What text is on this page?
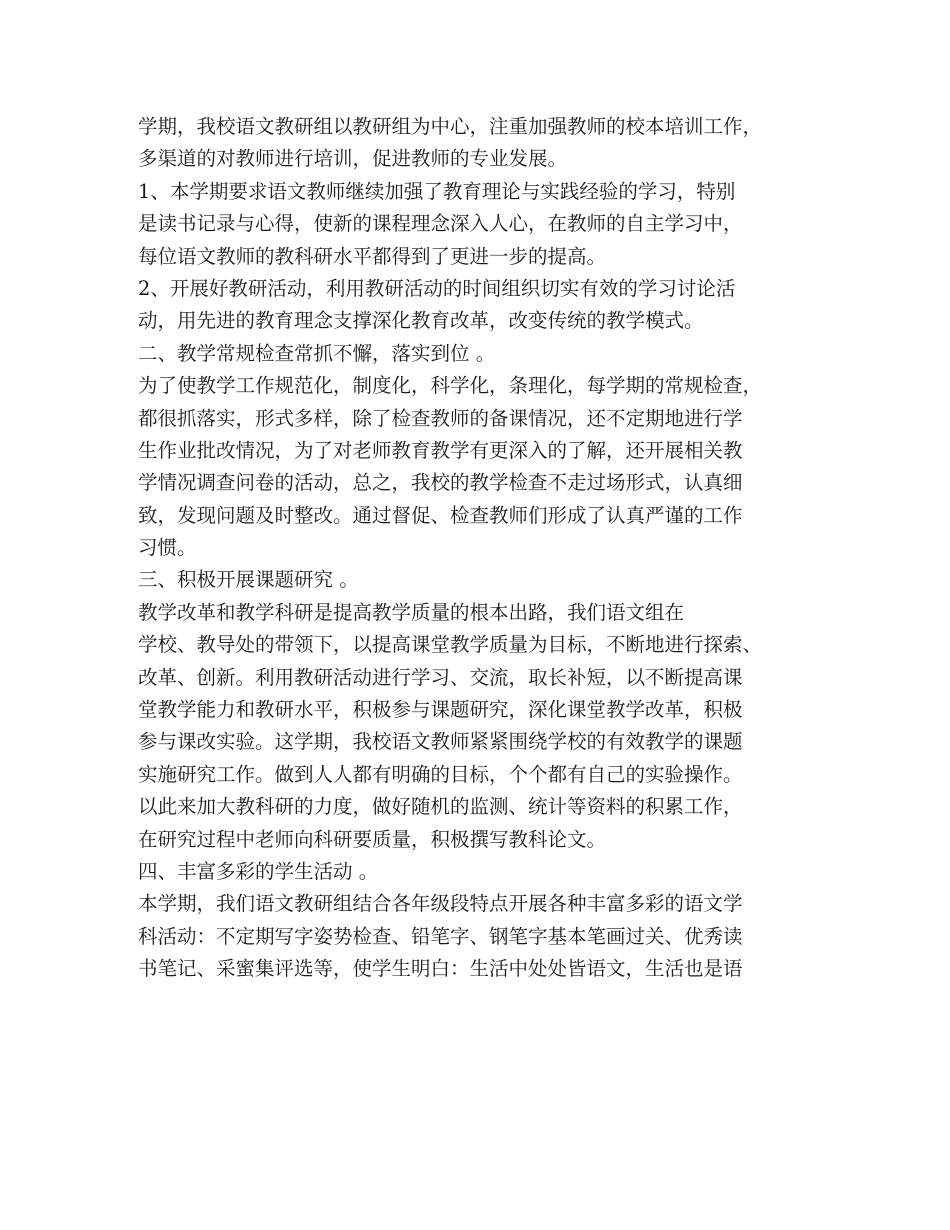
学期，我校语文教研组以教研组为中心，注重加强教师的校本培训工作，

多渠道的对教师进行培训，促进教师的专业发展。

1、本学期要求语文教师继续加强了教育理论与实践经验的学习，特别

是读书记录与心得，使新的课程理念深入人心，在教师的自主学习中，

每位语文教师的教科研水平都得到了更进一步的提高。

2、开展好教研活动，利用教研活动的时间组织切实有效的学习讨论活

动，用先进的教育理念支撑深化教育改革，改变传统的教学模式。

二、教学常规检查常抓不懈，落实到位 。

为了使教学工作规范化，制度化，科学化，条理化，每学期的常规检查，

都很抓落实，形式多样，除了检查教师的备课情况，还不定期地进行学

生作业批改情况，为了对老师教育教学有更深入的了解，还开展相关教

学情况调查问卷的活动，总之，我校的教学检查不走过场形式，认真细

致，发现问题及时整改。通过督促、检查教师们形成了认真严谨的工作

习惯。

三、积极开展课题研究 。

教学改革和教学科研是提高教学质量的根本出路，我们语文组在

学校、教导处的带领下，以提高课堂教学质量为目标，不断地进行探索、

改革、创新。利用教研活动进行学习、交流，取长补短，以不断提高课

堂教学能力和教研水平，积极参与课题研究，深化课堂教学改革，积极

参与课改实验。这学期，我校语文教师紧紧围绕学校的有效教学的课题

实施研究工作。做到人人都有明确的目标，个个都有自己的实验操作。

以此来加大教科研的力度，做好随机的监测、统计等资料的积累工作，

在研究过程中老师向科研要质量，积极撰写教科论文。

四、丰富多彩的学生活动 。

本学期，我们语文教研组结合各年级段特点开展各种丰富多彩的语文学

科活动：不定期写字姿势检查、铅笔字、钢笔字基本笔画过关、优秀读

书笔记、采蜜集评选等，使学生明白：生活中处处皆语文，生活也是语
